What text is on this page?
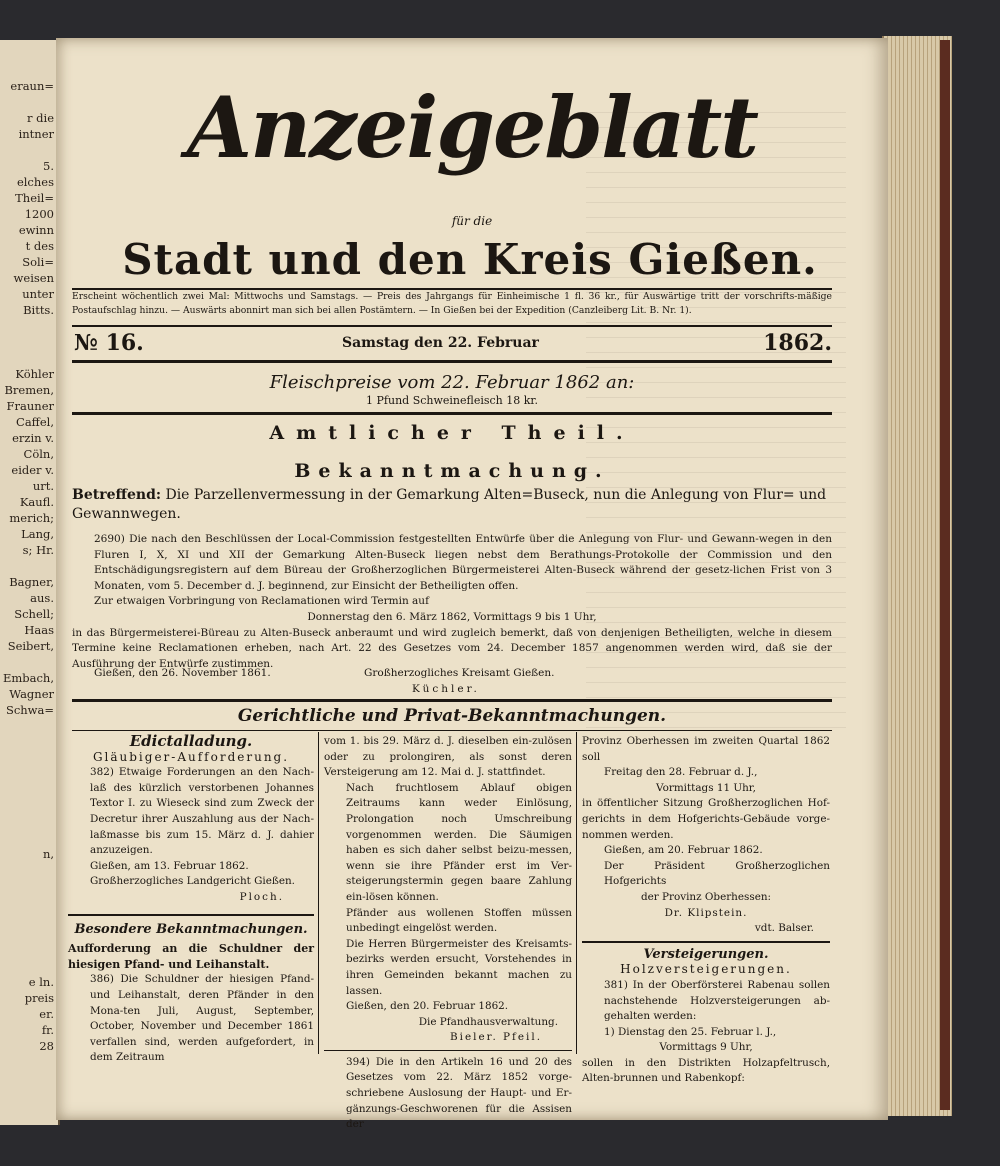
eraun=

r die
intner

5.
elches
Theil=
1200
ewinn
t des
Soli=
weisen
unter
Bitts.

Köhler
Bremen,
Frauner
Caffel,
erzin v.
Cöln,
eider v.
urt.
Kaufl.
merich;
Lang,
s; Hr.

Bagner,
aus.
Schell;
Haas
Seibert,

Embach,
Wagner
Schwa=

n,

e ln.
preis
er.
fr.
28
Anzeigeblatt
für die
Stadt und den Kreis Gießen.
Erscheint wöchentlich zwei Mal: Mittwochs und Samstags. — Preis des Jahrgangs für Einheimische 1 fl. 36 kr., für Auswärtige tritt der vorschrifts-mäßige Postaufschlag hinzu. — Auswärts abonnirt man sich bei allen Postämtern. — In Gießen bei der Expedition (Canzleiberg Lit. B. Nr. 1).
№ 16.	Samstag den 22. Februar	1862.
Fleischpreise vom 22. Februar 1862 an:
1 Pfund Schweinefleisch 18 kr.
Amtlicher Theil.
Bekanntmachung.
Betreffend: Die Parzellenvermessung in der Gemarkung Alten=Buseck, nun die Anlegung von Flur= und Gewannwegen.

2690) Die nach den Beschlüssen der Local-Commission festgestellten Entwürfe über die Anlegung von Flur- und Gewann-wegen in den Fluren I, X, XI und XII der Gemarkung Alten-Buseck liegen nebst dem Berathungs-Protokolle der Commission und den Entschädigungsregistern auf dem Büreau der Großherzoglichen Bürgermeisterei Alten-Buseck während der gesetz-lichen Frist von 3 Monaten, vom 5. December d. J. beginnend, zur Einsicht der Betheiligten offen.

Zur etwaigen Vorbringung von Reclamationen wird Termin auf

Donnerstag den 6. März 1862, Vormittags 9 bis 1 Uhr,

in das Bürgermeisterei-Büreau zu Alten-Buseck anberaumt und wird zugleich bemerkt, daß von denjenigen Betheiligten, welche in diesem Termine keine Reclamationen erheben, nach Art. 22 des Gesetzes vom 24. December 1857 angenommen werden wird, daß sie der Ausführung der Entwürfe zustimmen.

Gießen, den 26. November 1861.	Großherzogliches Kreisamt Gießen.
Küchler.
Gerichtliche und Privat-Bekanntmachungen.
Edictalladung.
Gläubiger-Aufforderung.

382) Etwaige Forderungen an den Nach-laß des kürzlich verstorbenen Johannes Textor I. zu Wieseck sind zum Zweck der Decretur ihrer Auszahlung aus der Nach-laßmasse bis zum 15. März d. J. dahier anzuzeigen.

Gießen, am 13. Februar 1862.

Großherzogliches Landgericht Gießen.

Ploch.

Besondere Bekanntmachungen.

Aufforderung an die Schuldner der hiesigen Pfand- und Leihanstalt.

386) Die Schuldner der hiesigen Pfand- und Leihanstalt, deren Pfänder in den Mona-ten Juli, August, September, October, November und December 1861 verfallen sind, werden aufgefordert, in dem Zeitraum

vom 1. bis 29. März d. J. dieselben ein-zulösen oder zu prolongiren, als sonst deren Versteigerung am 12. Mai d. J. stattfindet.

Nach fruchtlosem Ablauf obigen Zeitraums kann weder Einlösung, Prolongation noch Umschreibung vorgenommen werden. Die Säumigen haben es sich daher selbst beizu-messen, wenn sie ihre Pfänder erst im Ver-steigerungstermin gegen baare Zahlung ein-lösen können.

Pfänder aus wollenen Stoffen müssen unbedingt eingelöst werden.

Die Herren Bürgermeister des Kreisamts-bezirks werden ersucht, Vorstehendes in ihren Gemeinden bekannt machen zu lassen.

Gießen, den 20. Februar 1862.

Die Pfandhausverwaltung.

Bieler. Pfeil.

394) Die in den Artikeln 16 und 20 des Gesetzes vom 22. März 1852 vorge-schriebene Auslosung der Haupt- und Er-gänzungs-Geschworenen für die Assisen der

Provinz Oberhessen im zweiten Quartal 1862 soll

Freitag den 28. Februar d. J.,

Vormittags 11 Uhr,

in öffentlicher Sitzung Großherzoglichen Hof-gerichts in dem Hofgerichts-Gebäude vorge-nommen werden.

Gießen, am 20. Februar 1862.

Der Präsident Großherzoglichen Hofgerichts

der Provinz Oberhessen:

Dr. Klipstein.

vdt. Balser.

Versteigerungen.
Holzversteigerungen.

381) In der Oberförsterei Rabenau sollen nachstehende Holzversteigerungen ab-gehalten werden:

1) Dienstag den 25. Februar l. J.,

Vormittags 9 Uhr,

sollen in den Distrikten Holzapfeltrusch, Alten-brunnen und Rabenkopf:
